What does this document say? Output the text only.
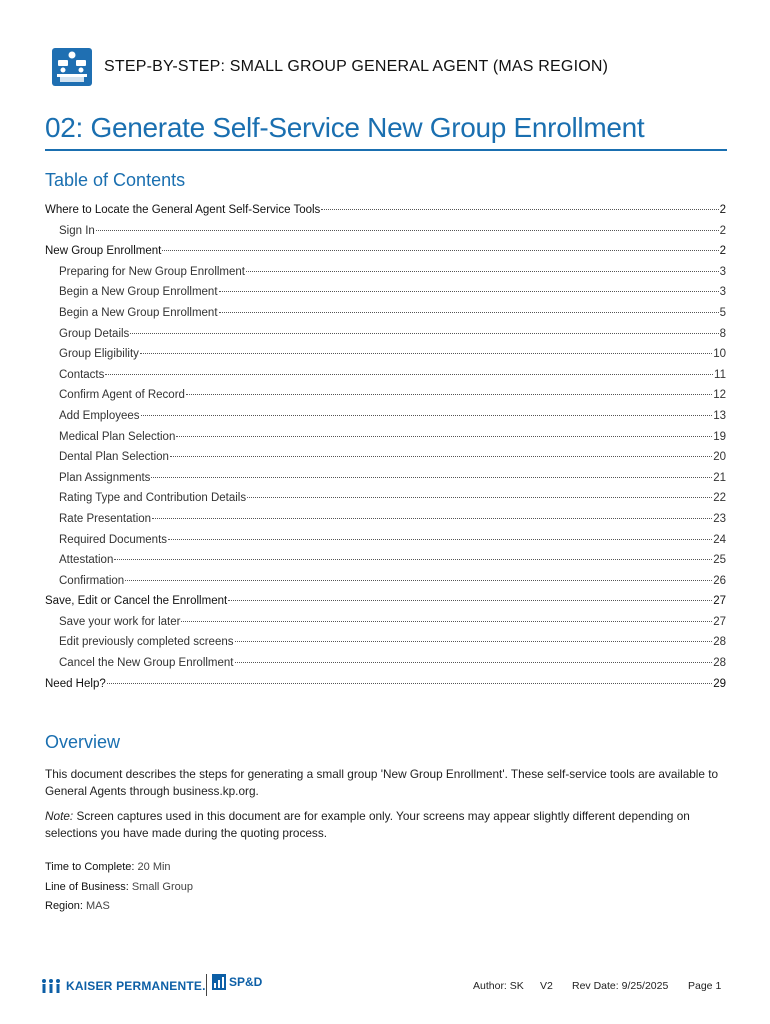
STEP-BY-STEP: SMALL GROUP GENERAL AGENT (MAS REGION)
02: Generate Self-Service New Group Enrollment
Table of Contents
Where to Locate the General Agent Self-Service Tools	2
Sign In	2
New Group Enrollment	2
Preparing for New Group Enrollment	3
Begin a New Group Enrollment	3
Begin a New Group Enrollment	5
Group Details	8
Group Eligibility	10
Contacts	11
Confirm Agent of Record	12
Add Employees	13
Medical Plan Selection	19
Dental Plan Selection	20
Plan Assignments	21
Rating Type and Contribution Details	22
Rate Presentation	23
Required Documents	24
Attestation	25
Confirmation	26
Save, Edit or Cancel the Enrollment	27
Save your work for later	27
Edit previously completed screens	28
Cancel the New Group Enrollment	28
Need Help?	29
Overview
This document describes the steps for generating a small group 'New Group Enrollment'. These self-service tools are available to General Agents through business.kp.org.
Note: Screen captures used in this document are for example only. Your screens may appear slightly different depending on selections you have made during the quoting process.
Time to Complete: 20 Min
Line of Business: Small Group
Region: MAS
KAISER PERMANENTE. SP&D	Author: SK V2 Rev Date: 9/25/2025 Page 1
